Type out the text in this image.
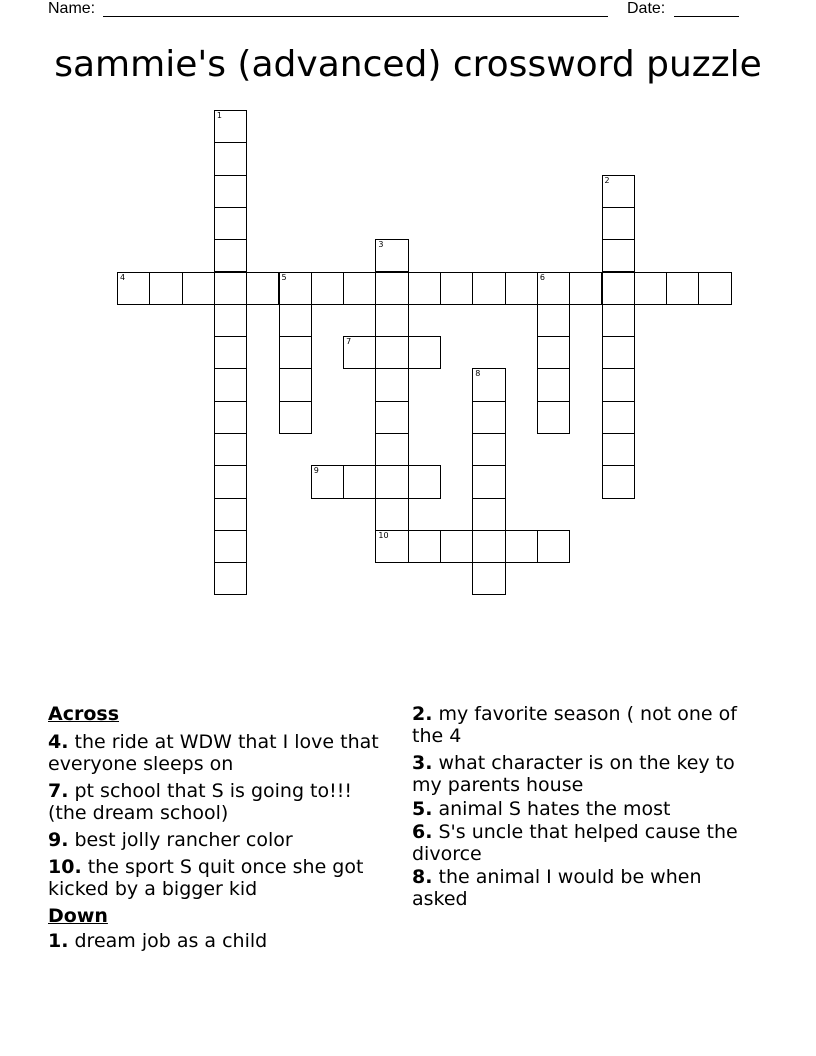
Name:	Date:
sammie's (advanced) crossword puzzle
4	5	6
1
2
3
10
7
8
9
Across
4. the ride at WDW that I love that everyone sleeps on
7. pt school that S is going to!!! (the dream school)
9. best jolly rancher color
10. the sport S quit once she got kicked by a bigger kid
Down
1. dream job as a child
2. my favorite season ( not one of the 4
3. what character is on the key to my parents house
5. animal S hates the most
6. S's uncle that helped cause the divorce
8. the animal I would be when asked
